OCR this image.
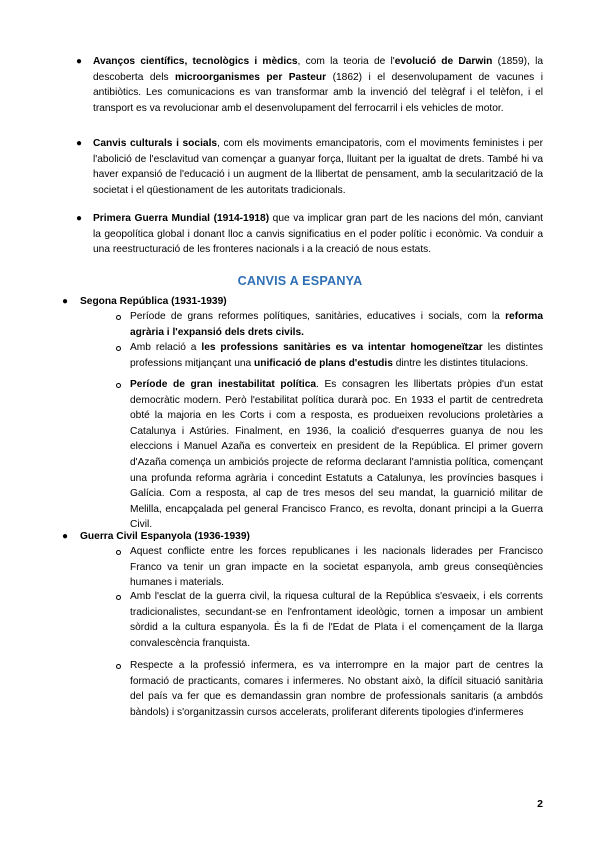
● Avanços científics, tecnològics i mèdics, com la teoria de l'evolució de Darwin (1859), la descoberta dels microorganismes per Pasteur (1862) i el desenvolupament de vacunes i antibiòtics. Les comunicacions es van transformar amb la invenció del telègraf i el telèfon, i el transport es va revolucionar amb el desenvolupament del ferrocarril i els vehicles de motor.
● Canvis culturals i socials, com els moviments emancipatoris, com el moviments feministes i per l'abolició de l'esclavitud van començar a guanyar força, lluitant per la igualtat de drets. També hi va haver expansió de l'educació i un augment de la llibertat de pensament, amb la secularització de la societat i el qüestionament de les autoritats tradicionals.
● Primera Guerra Mundial (1914-1918) que va implicar gran part de les nacions del món, canviant la geopolítica global i donant lloc a canvis significatius en el poder polític i econòmic. Va conduir a una reestructuració de les fronteres nacionals i a la creació de nous estats.
CANVIS A ESPANYA
● Segona República (1931-1939)
Període de grans reformes polítiques, sanitàries, educatives i socials, com la reforma agrària i l'expansió dels drets civils.
Amb relació a les professions sanitàries es va intentar homogeneïtzar les distintes professions mitjançant una unificació de plans d'estudis dintre les distintes titulacions.
Període de gran inestabilitat política. Es consagren les llibertats pròpies d'un estat democràtic modern. Però l'estabilitat política durarà poc. En 1933 el partit de centredreta obté la majoria en les Corts i com a resposta, es produeixen revolucions proletàries a Catalunya i Astúries. Finalment, en 1936, la coalició d'esquerres guanya de nou les eleccions i Manuel Azaña es converteix en president de la República. El primer govern d'Azaña comença un ambiciós projecte de reforma declarant l'amnistia política, començant una profunda reforma agrària i concedint Estatuts a Catalunya, les províncies basques i Galícia. Com a resposta, al cap de tres mesos del seu mandat, la guarnició militar de Melilla, encapçalada pel general Francisco Franco, es revolta, donant principi a la Guerra Civil.
● Guerra Civil Espanyola (1936-1939)
Aquest conflicte entre les forces republicanes i les nacionals liderades per Francisco Franco va tenir un gran impacte en la societat espanyola, amb greus conseqüències humanes i materials.
Amb l'esclat de la guerra civil, la riquesa cultural de la República s'esvaeix, i els corrents tradicionalistes, secundant-se en l'enfrontament ideològic, tornen a imposar un ambient sòrdid a la cultura espanyola. És la fi de l'Edat de Plata i el començament de la llarga convalescència franquista.
Respecte a la professió infermera, es va interrompre en la major part de centres la formació de practicants, comares i infermeres. No obstant això, la difícil situació sanitària del país va fer que es demandassin gran nombre de professionals sanitaris (a ambdós bàndols) i s'organitzassin cursos accelerats, proliferant diferents tipologies d'infermeres
2
